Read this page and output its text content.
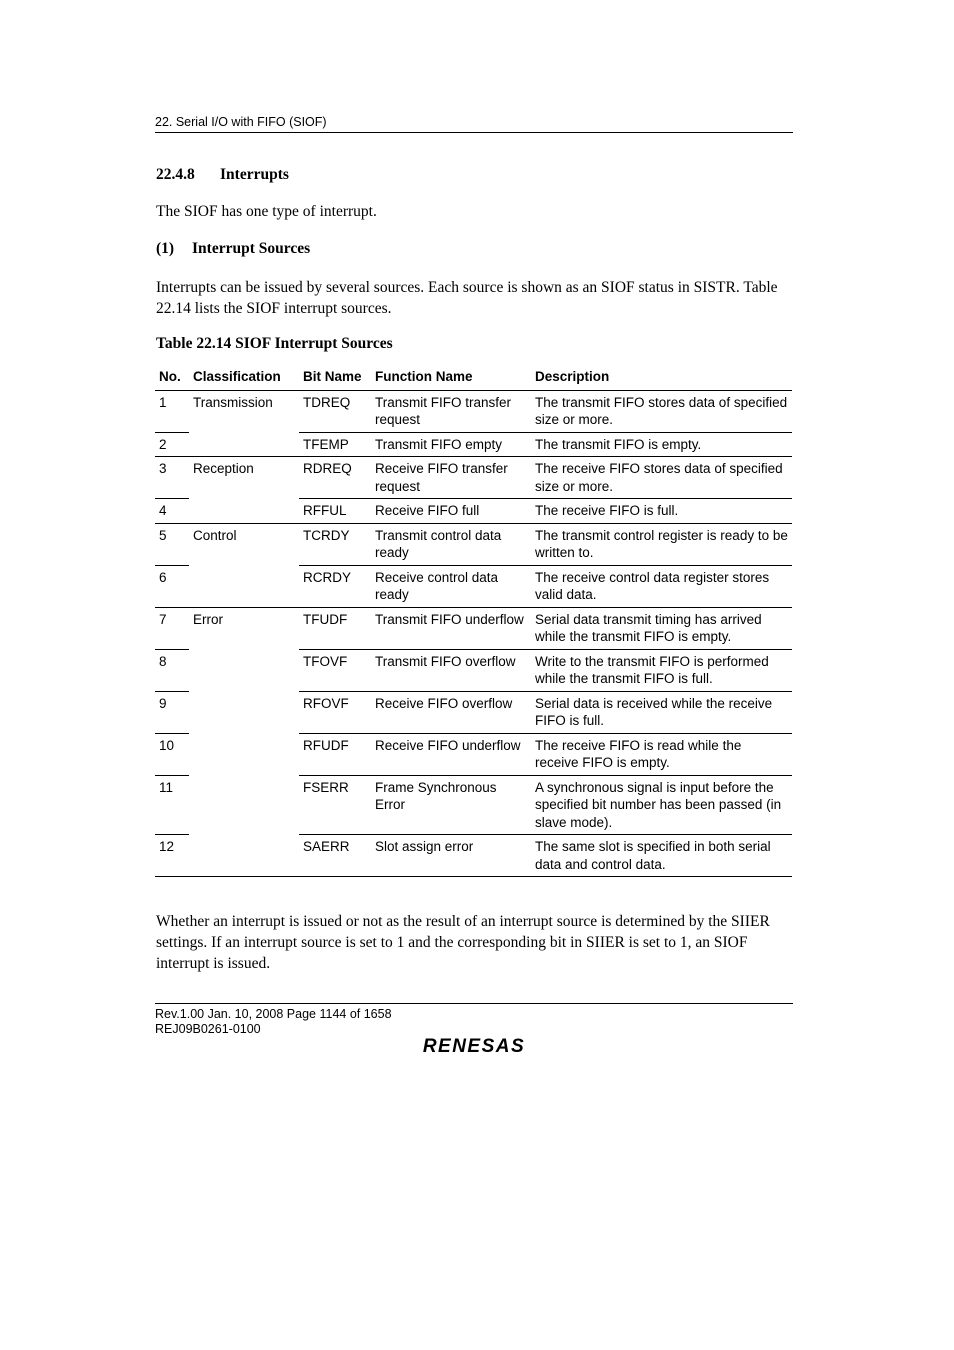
22. Serial I/O with FIFO (SIOF)
22.4.8 Interrupts
The SIOF has one type of interrupt.
(1) Interrupt Sources
Interrupts can be issued by several sources. Each source is shown as an SIOF status in SISTR. Table 22.14 lists the SIOF interrupt sources.
Table 22.14 SIOF Interrupt Sources
No.	Classification	Bit Name	Function Name	Description
1	Transmission	TDREQ	Transmit FIFO transfer request	The transmit FIFO stores data of specified size or more.
2		TFEMP	Transmit FIFO empty	The transmit FIFO is empty.
3	Reception	RDREQ	Receive FIFO transfer request	The receive FIFO stores data of specified size or more.
4		RFFUL	Receive FIFO full	The receive FIFO is full.
5	Control	TCRDY	Transmit control data ready	The transmit control register is ready to be written to.
6		RCRDY	Receive control data ready	The receive control data register stores valid data.
7	Error	TFUDF	Transmit FIFO underflow	Serial data transmit timing has arrived while the transmit FIFO is empty.
8		TFOVF	Transmit FIFO overflow	Write to the transmit FIFO is performed while the transmit FIFO is full.
9		RFOVF	Receive FIFO overflow	Serial data is received while the receive FIFO is full.
10		RFUDF	Receive FIFO underflow	The receive FIFO is read while the receive FIFO is empty.
11		FSERR	Frame Synchronous Error	A synchronous signal is input before the specified bit number has been passed (in slave mode).
12		SAERR	Slot assign error	The same slot is specified in both serial data and control data.
Whether an interrupt is issued or not as the result of an interrupt source is determined by the SIIER settings. If an interrupt source is set to 1 and the corresponding bit in SIIER is set to 1, an SIOF interrupt is issued.
Rev.1.00 Jan. 10, 2008 Page 1144 of 1658
REJ09B0261-0100
RENESAS
